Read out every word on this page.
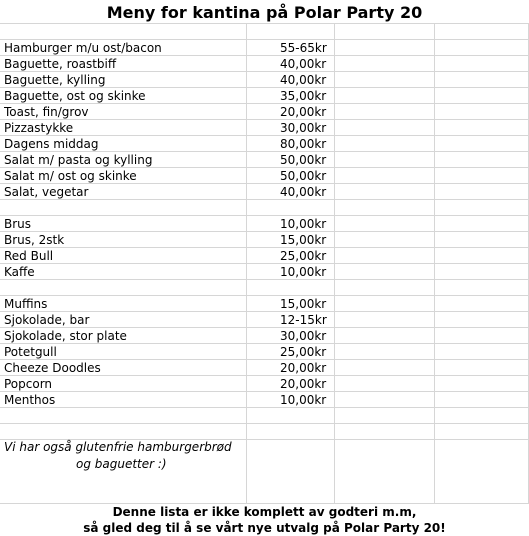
Meny for kantina på Polar Party 20
Hamburger m/u ost/bacon	55-65kr
Baguette, roastbiff	40,00kr
Baguette, kylling	40,00kr
Baguette, ost og skinke	35,00kr
Toast, fin/grov	20,00kr
Pizzastykke	30,00kr
Dagens middag	80,00kr
Salat m/ pasta og kylling	50,00kr
Salat m/ ost og skinke	50,00kr
Salat, vegetar	40,00kr
Brus	10,00kr
Brus, 2stk	15,00kr
Red Bull	25,00kr
Kaffe	10,00kr
Muffins	15,00kr
Sjokolade, bar	12-15kr
Sjokolade, stor plate	30,00kr
Potetgull	25,00kr
Cheeze Doodles	20,00kr
Popcorn	20,00kr
Menthos	10,00kr
Vi har også glutenfrie hamburgerbrød
og baguetter :)
Denne lista er ikke komplett av godteri m.m,
så gled deg til å se vårt nye utvalg på Polar Party 20!
